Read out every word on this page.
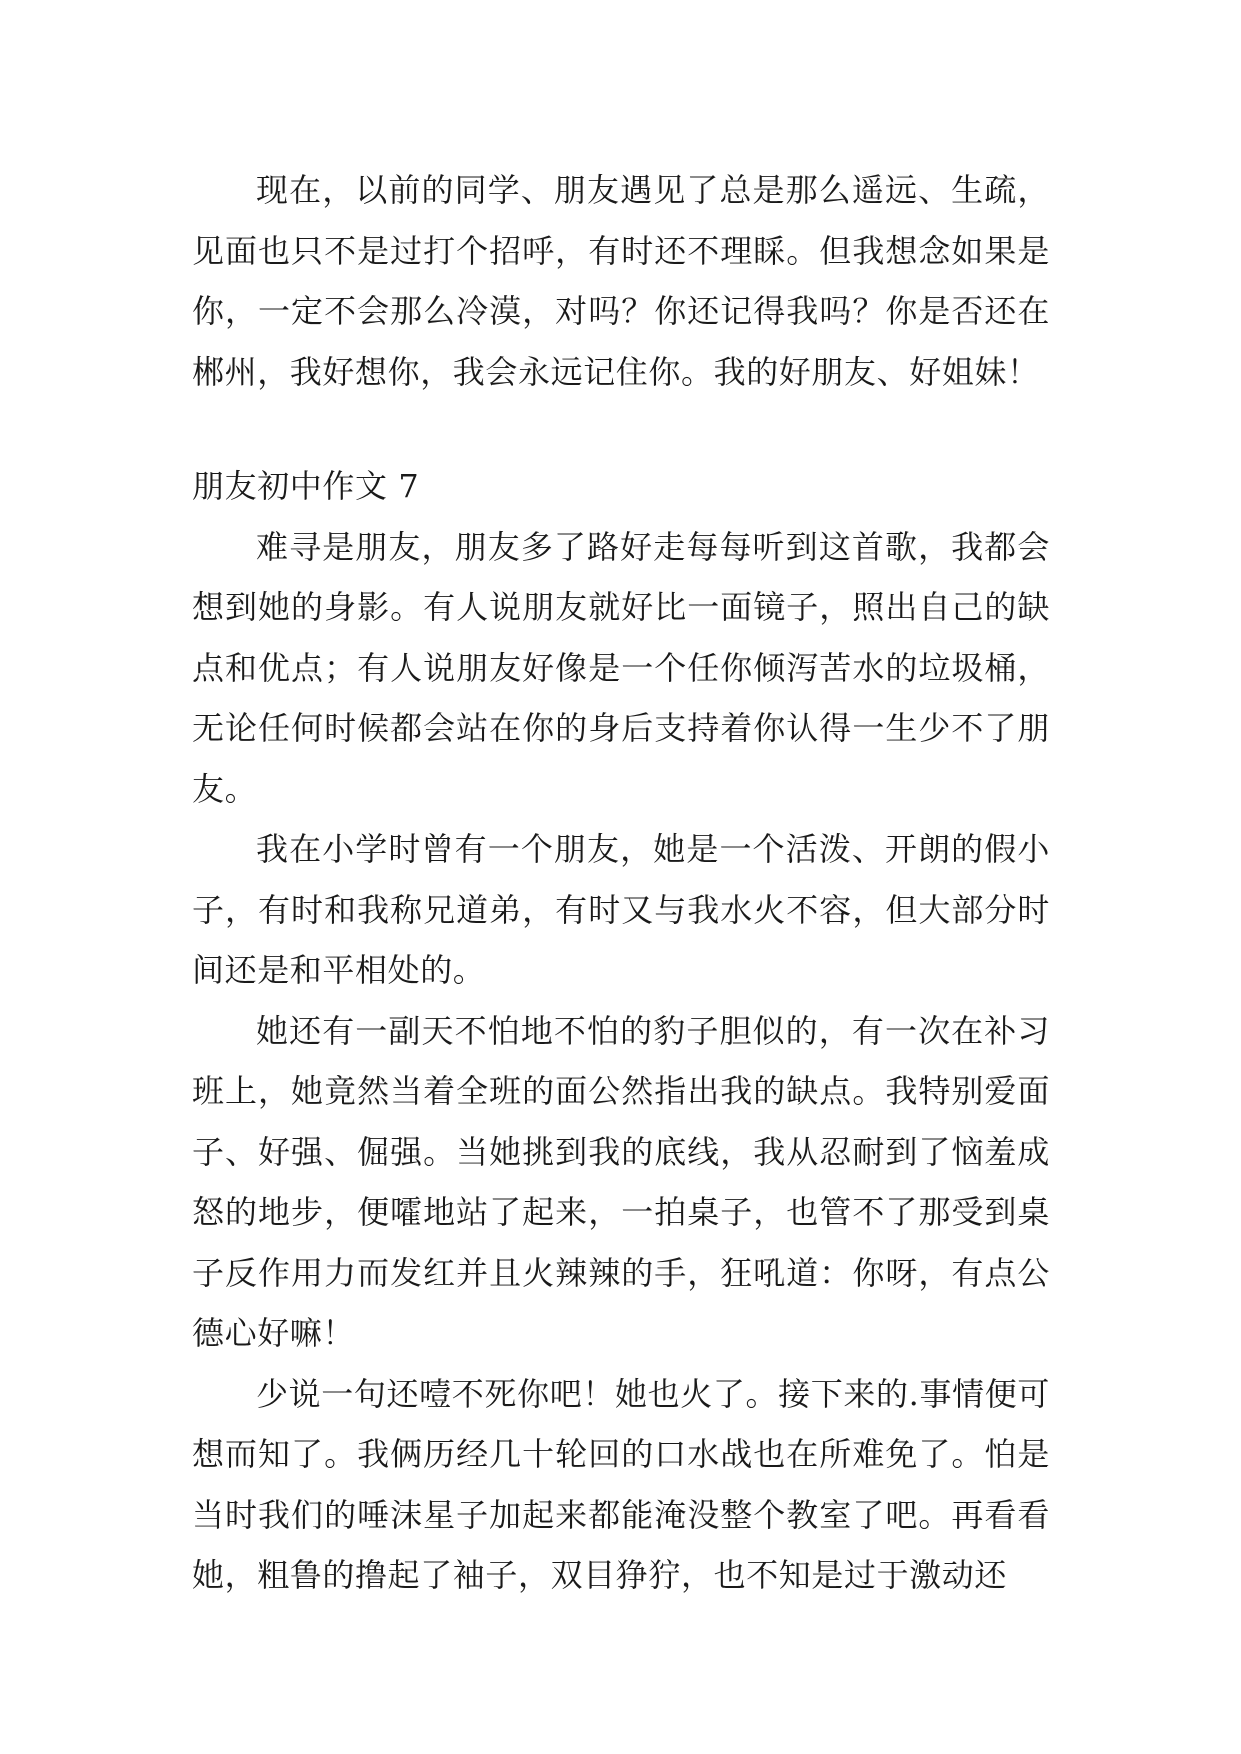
现在，以前的同学、朋友遇见了总是那么遥远、生疏，见面也只不是过打个招呼，有时还不理睬。但我想念如果是你，一定不会那么冷漠，对吗？你还记得我吗？你是否还在郴州，我好想你，我会永远记住你。我的好朋友、好姐妹！

朋友初中作文 7

难寻是朋友，朋友多了路好走每每听到这首歌，我都会想到她的身影。有人说朋友就好比一面镜子，照出自己的缺点和优点；有人说朋友好像是一个任你倾泻苦水的垃圾桶，无论任何时候都会站在你的身后支持着你认得一生少不了朋友。

我在小学时曾有一个朋友，她是一个活泼、开朗的假小子，有时和我称兄道弟，有时又与我水火不容，但大部分时间还是和平相处的。

她还有一副天不怕地不怕的豹子胆似的，有一次在补习班上，她竟然当着全班的面公然指出我的缺点。我特别爱面子、好强、倔强。当她挑到我的底线，我从忍耐到了恼羞成怒的地步，便嚯地站了起来，一拍桌子，也管不了那受到桌子反作用力而发红并且火辣辣的手，狂吼道：你呀，有点公德心好嘛！

少说一句还噎不死你吧！她也火了。接下来的.事情便可想而知了。我俩历经几十轮回的口水战也在所难免了。怕是当时我们的唾沫星子加起来都能淹没整个教室了吧。再看看她，粗鲁的撸起了袖子，双目狰狞，也不知是过于激动还
